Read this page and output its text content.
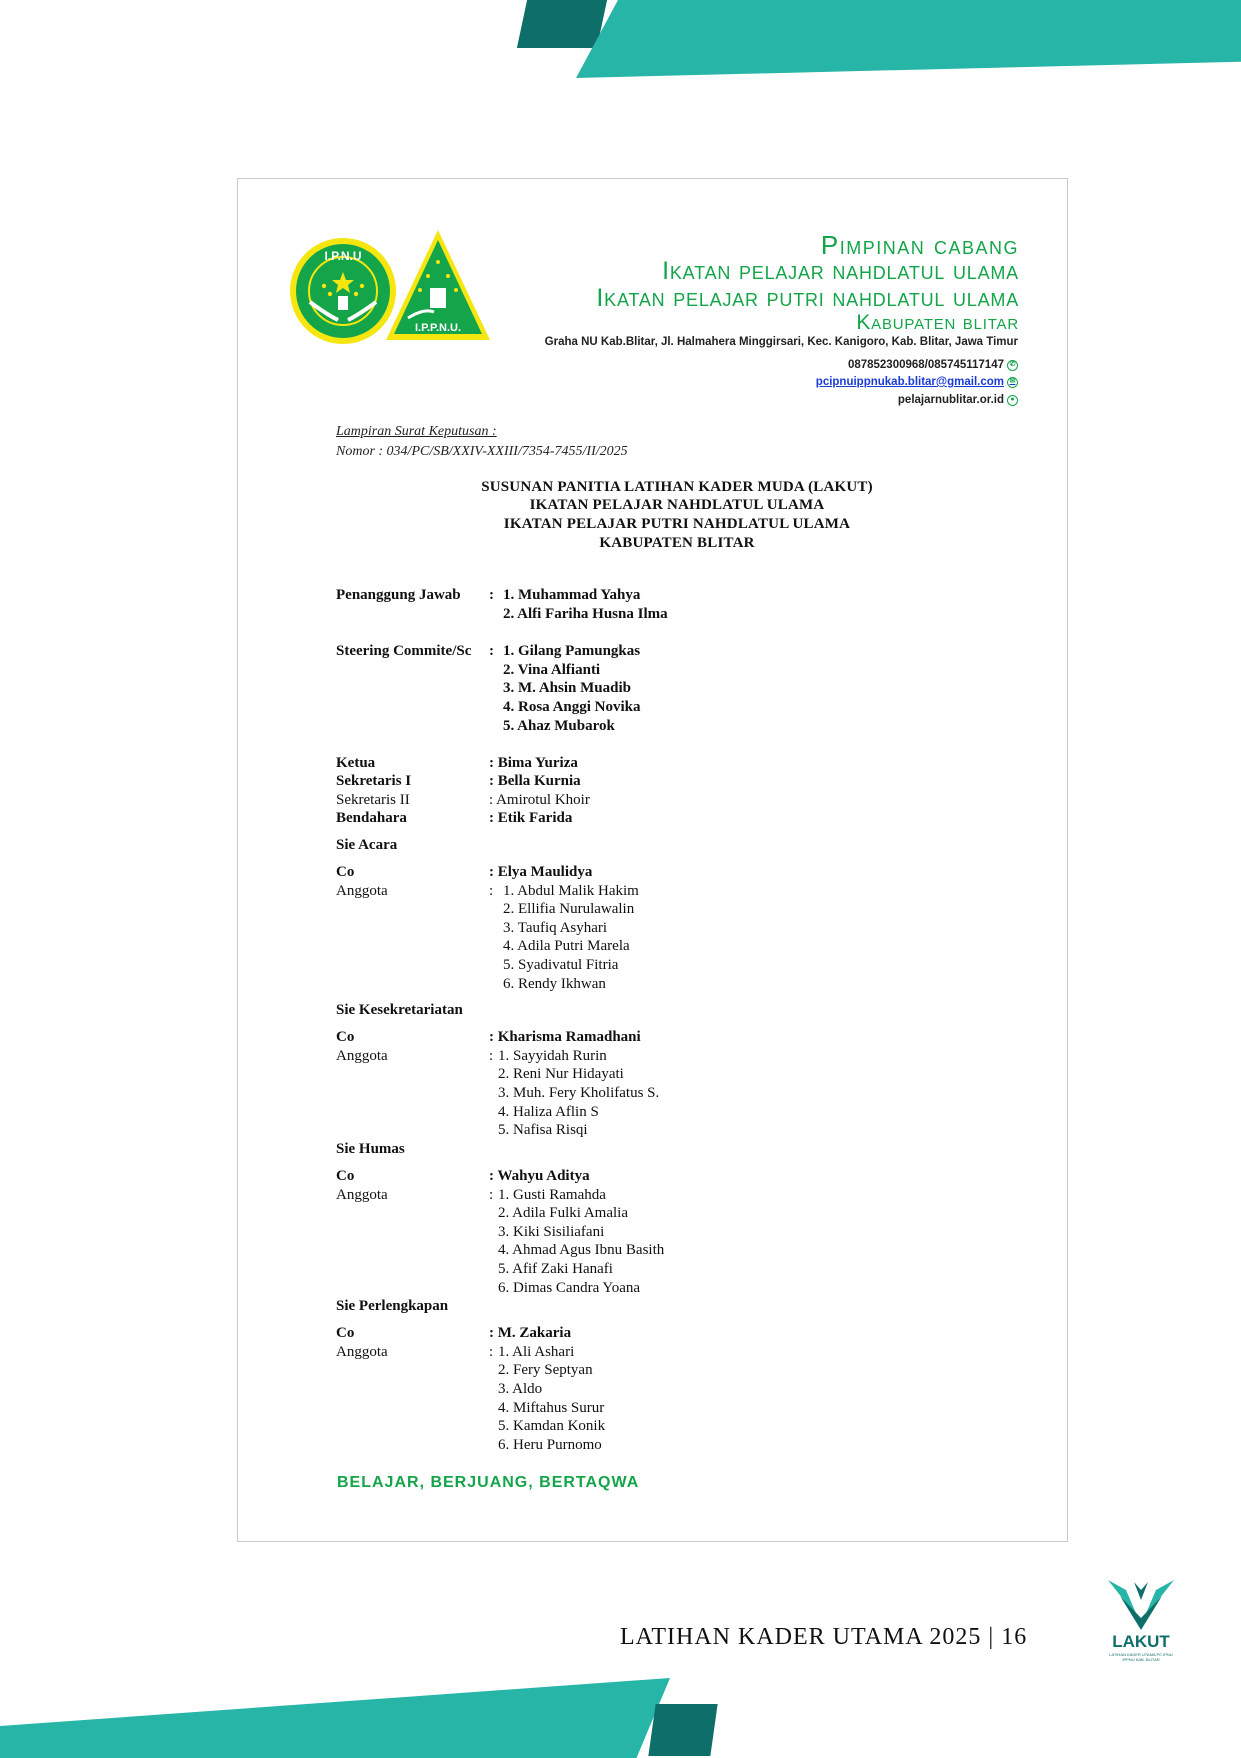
I.P.N.U
I.P.P.N.U.
Pimpinan cabang
Ikatan pelajar nahdlatul ulama
Ikatan pelajar putri nahdlatul ulama
Kabupaten blitar
Graha NU Kab.Blitar, Jl. Halmahera Minggirsari, Kec. Kanigoro, Kab. Blitar, Jawa Timur
087852300968/085745117147 ✆
pcipnuippnukab.blitar@gmail.com ✉
pelajarnublitar.or.id ●
Lampiran Surat Keputusan :
Nomor : 034/PC/SB/XXIV-XXIII/7354-7455/II/2025
SUSUNAN PANITIA LATIHAN KADER MUDA (LAKUT)
IKATAN PELAJAR NAHDLATUL ULAMA
IKATAN PELAJAR PUTRI NAHDLATUL ULAMA
KABUPATEN BLITAR
Penanggung Jawab : 1. Muhammad Yahya
2. Alfi Fariha Husna Ilma
Steering Commite/Sc : 1. Gilang Pamungkas
2. Vina Alfianti
3. M. Ahsin Muadib
4. Rosa Anggi Novika
5. Ahaz Mubarok
Ketua	: Bima Yuriza
Sekretaris I	: Bella Kurnia
Sekretaris II	: Amirotul Khoir
Bendahara	: Etik Farida
Sie Acara
Co	: Elya Maulidya
Anggota	: 1. Abdul Malik Hakim
2. Ellifia Nurulawalin
3. Taufiq Asyhari
4. Adila Putri Marela
5. Syadivatul Fitria
6. Rendy Ikhwan
Sie Kesekretariatan
Co	: Kharisma Ramadhani
Anggota	: 1. Sayyidah Rurin
2. Reni Nur Hidayati
3. Muh. Fery Kholifatus S.
4. Haliza Aflin S
5. Nafisa Risqi
Sie Humas
Co	: Wahyu Aditya
Anggota	: 1. Gusti Ramahda
2. Adila Fulki Amalia
3. Kiki Sisiliafani
4. Ahmad Agus Ibnu Basith
5. Afif Zaki Hanafi
6. Dimas Candra Yoana
Sie Perlengkapan
Co	: M. Zakaria
Anggota	: 1. Ali Ashari
2. Fery Septyan
3. Aldo
4. Miftahus Surur
5. Kamdan Konik
6. Heru Purnomo
BELAJAR, BERJUANG, BERTAQWA
LATIHAN KADER UTAMA 2025 | 16	LAKUT
LATIHAN KADER UTAMA PC IPNU IPPNU KAB. BLITAR
